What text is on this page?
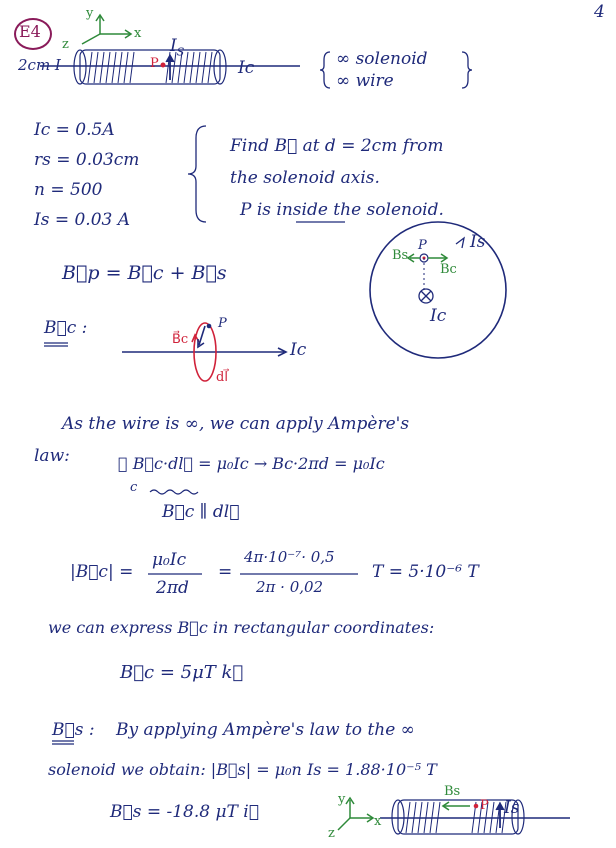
4
E4
y
x
z	$I_S$
2cm I	Ic
P	∞ solenoid
∞ wire
Ic = 0.5A
rs = 0.03cm
n = 500
Is = 0.03 A
Find B⃗ at d = 2cm from
the solenoid axis.
P is inside the solenoid.
P
Bs
Bc
Is
Ic
B⃗p = B⃗c + B⃗s
B⃗c :	P
B⃗c
dl⃗
Ic
As the wire is ∞, we can apply Ampère's
law:	∮ B⃗c·dl⃗ = μ₀Ic → Bc·2πd = μ₀Ic
c
B⃗c ∥ dl⃗
|B⃗c| =
μ₀Ic
2πd
=
4π·10⁻⁷· 0,5
2π · 0,02
T = 5·10⁻⁶ T
we can express B⃗c in rectangular coordinates:
B⃗c = 5μT k⃗
B⃗s : By applying Ampère's law to the ∞
solenoid we obtain: |B⃗s| = μ₀n Is = 1.88·10⁻⁵ T
B⃗s = -18.8 μT i⃗
y
x
z
Bs
P Is
